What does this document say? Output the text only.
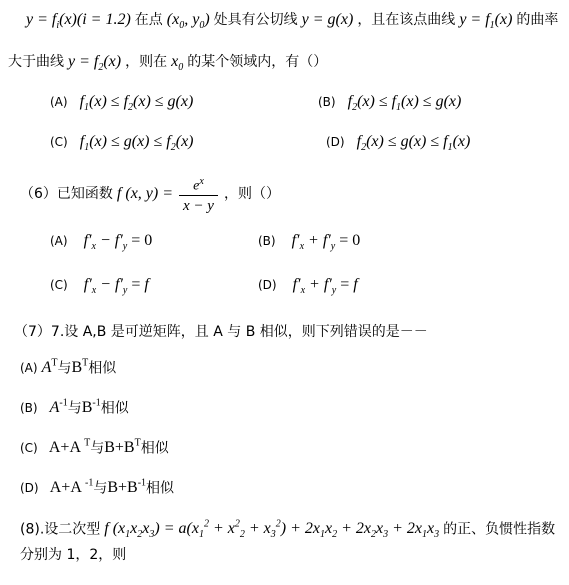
$y = f_i(x)(i = 1.2)$ 在点 ($x_0$, $y_0$) 处具有公切线 y = g(x) ，且在该点曲线 $y = f_1(x)$ 的曲率
大于曲线 $y = f_2(x)$ ，则在 $x_0$ 的某个领域内，有（）
(A) $f_1(x) \le f_2(x) \le g(x)$	(B) $f_2(x) \le f_1(x) \le g(x)$
(C) $f_1(x) \le g(x) \le f_2(x)$	(D) $f_2(x) \le g(x) \le f_1(x)$
（6）已知函数 f (x, $y) = \frac{e^x}{x - y}$ ，则（）
(A) $f'_x - f'_y = 0$	(B) $f'_x + f'_y = 0$
(C) $f'_x - f'_y = f$	(D) $f'_x + f'_y = f$
（7）7.设 A,B 是可逆矩阵，且 A 与 B 相似，则下列错误的是－－
(A) $A^T$与$B^T$相似
(B) $A^{-1}$与$B^{-1}$相似
(C) A+A $^T$与$B+B^T$相似
(D) A+A $^{-1}$与$B+B^{-1}$相似
(8).设二次型 f $(x_1x_2x_3) = a(x_1^2 + x^2_2 + x_3^2) + 2x_1x_2 + 2x_2x_3 + 2x_1x_3$ 的正、负惯性指数
分别为 1，2，则
